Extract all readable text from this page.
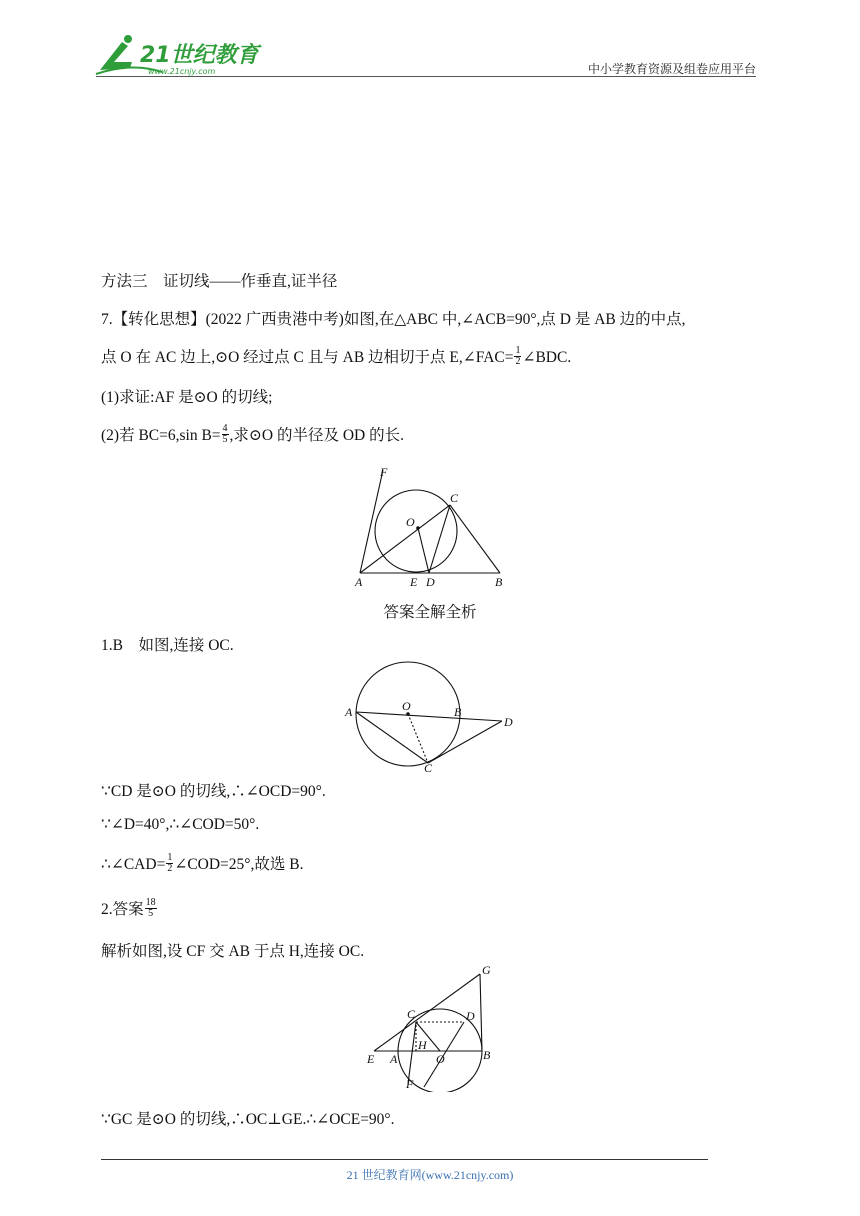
21世纪教育
www.21cnjy.com	中小学教育资源及组卷应用平台
方法三　证切线——作垂直,证半径
7.【转化思想】(2022 广西贵港中考)如图,在△ABC 中,∠ACB=90°,点 D 是 AB 边的中点,
点 O 在 AC 边上,⊙O 经过点 C 且与 AB 边相切于点 E,∠FAC= $\frac{1}{2}$ ∠BDC.
(1)求证:AF 是⊙O 的切线;
(2)若 BC=6,sin $B= \frac{4}{5}$ ,求⊙O 的半径及 OD 的长.
F
C
O
A	E D	B
答案全解全析
1.B　如图,连接 OC.
A	O	B
D
C
∵CD 是⊙O 的切线,∴∠OCD=90°.
∵∠D=40°,∴∠COD=50°.
∴∠CAD= $\frac{1}{2}$ ∠COD=25°,故选 B.
2.答案 $\frac{18}{5}$
解析如图,设 CF 交 AB 于点 H,连接 OC.
G
C	D
H
E A	O	B
F
∵GC 是⊙O 的切线,∴OC⊥GE.∴∠OCE=90°.
21 世纪教育网(www.21cnjy.com)
